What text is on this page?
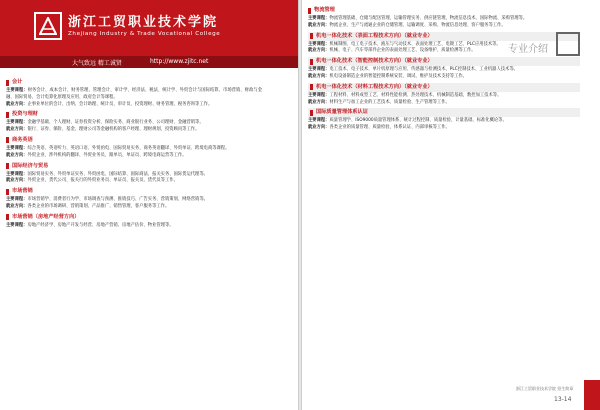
浙江工贸职业技术学院
Zhejiang Industry & Trade Vocational College
大气致远 精工诚贤	http://www.zjitc.net
会计

主要课程：财务会计、成本会计、财务管理、管理会计、审计学、经济法、税法、统计学、外贸会计与国际结算、市场营销、财政与金融、国际贸易、会计电算化原理及应用、政府会计等课程。

就业方向：企事业单位的会计、出纳、会计助理、统计员、审计员、投资理财、财务管理、税务咨询等工作。

投资与理财

主要课程：金融学基础、个人理财、证券投资分析、保险实务、商业银行业务、公司理财、金融营销等。

就业方向：银行、证券、保险、基金、理财公司等金融机构的客户经理、理财规划、投资顾问等工作。

商务英语

主要课程：综合英语、英语听力、英语口语、外贸函电、国际贸易实务、商务英语翻译、外贸单证、跨境电商等课程。

就业方向：外贸企业、涉外机构的翻译、外贸业务员、跟单员、单证员、跨境电商运营等工作。

国际经济与贸易

主要课程：国际贸易实务、外贸单证实务、外贸函电、国际结算、国际商法、报关实务、国际货运代理等。

就业方向：外贸企业、货代公司、报关行的外贸业务员、单证员、报关员、货代员等工作。

市场营销

主要课程：市场营销学、消费者行为学、市场调查与预测、推销技巧、广告实务、营销策划、网络营销等。

就业方向：各类企业的市场调研、营销策划、产品推广、销售管理、客户服务等工作。

市场营销（房地产经营方向）

主要课程：房地产经济学、房地产开发与经营、房地产营销、房地产估价、物业管理等。

物流管理

主要课程：物流管理基础、仓储与配送管理、运输管理实务、供应链管理、物流信息技术、国际物流、采购管理等。

就业方向：物流企业、生产与流通企业的仓储管理、运输调度、采购、物流信息处理、客户服务等工作。

机电一体化技术（表面工程技术方向）（就业专业）

主要课程：机械制图、电工电子技术、液压与气动技术、表面处理工艺、电镀工艺、PLC应用技术等。

就业方向：机械、电子、汽车零部件企业的表面处理工艺、设备维护、质量检测等工作。

机电一体化技术（智能控制技术方向）（就业专业）

主要课程：电工技术、电子技术、单片机原理与应用、传感器与检测技术、PLC控制技术、工业机器人技术等。

就业方向：机电设备制造企业的智能控制系统安装、调试、维护及技术支持等工作。

机电一体化技术（材料工程技术方向）（就业专业）

主要课程：工程材料、材料成型工艺、材料性能检测、热处理技术、机械制造基础、数控加工技术等。

就业方向：材料生产与加工企业的工艺技术、质量检验、生产管理等工作。

国际质量管理体系认证

主要课程：质量管理学、ISO9000质量管理体系、统计过程控制、质量检验、计量基础、标准化概论等。

就业方向：各类企业的质量管理、质量检验、体系认证、内部审核等工作。

专业介绍
浙江工贸职业技术学院 招生简章
13-14
